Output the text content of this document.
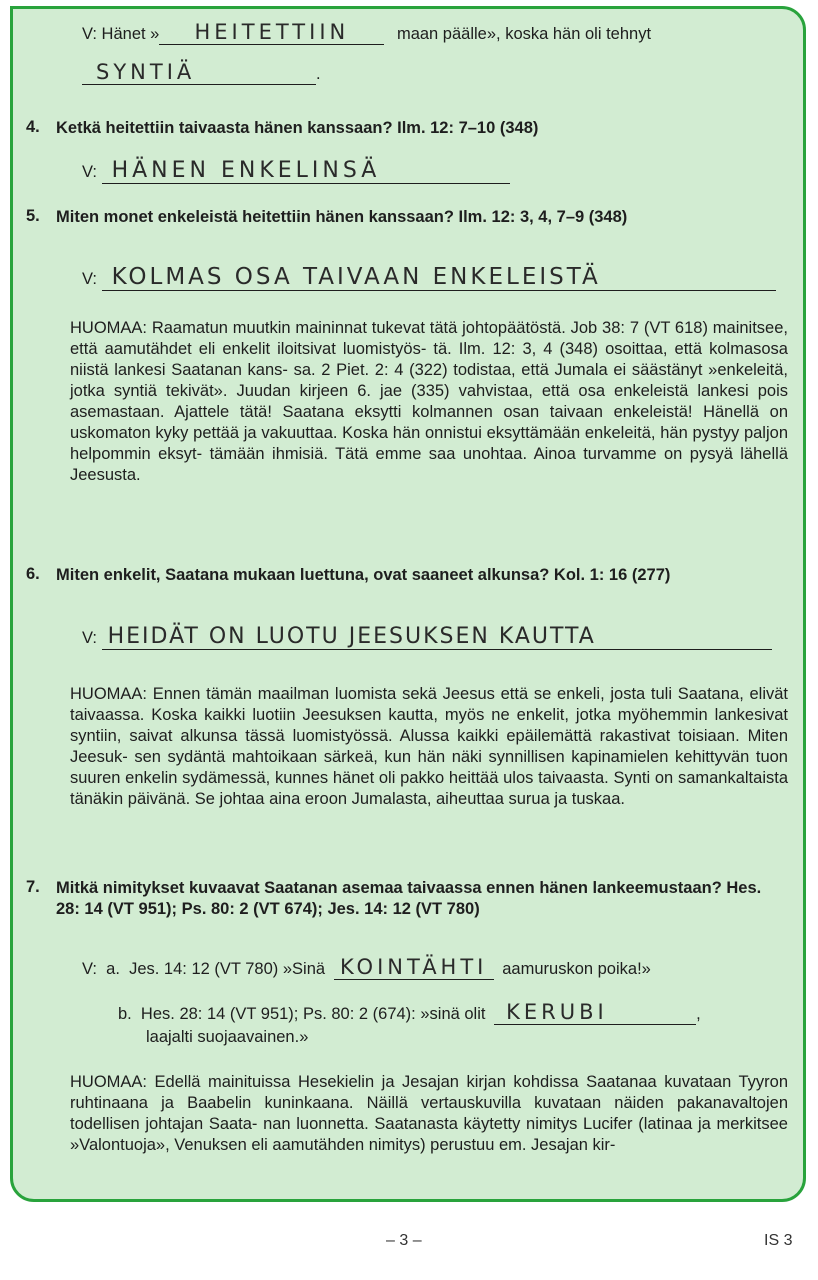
V: Hänet » HEITETTIIN	maan päälle», koska hän oli tehnyt
SYNTIÄ	.
4. Ketkä heitettiin taivaasta hänen kanssaan? Ilm. 12: 7–10 (348)
V: HÄNEN ENKELINSÄ
5. Miten monet enkeleistä heitettiin hänen kanssaan? Ilm. 12: 3, 4, 7–9 (348)
V: KOLMAS OSA TAIVAAN ENKELEISTÄ
HUOMAA: Raamatun muutkin maininnat tukevat tätä johtopäätöstä. Job 38: 7 (VT 618) mainitsee, että aamutähdet eli enkelit iloitsivat luomistyös- tä. Ilm. 12: 3, 4 (348) osoittaa, että kolmasosa niistä lankesi Saatanan kans- sa. 2 Piet. 2: 4 (322) todistaa, että Jumala ei säästänyt »enkeleitä, jotka syntiä tekivät». Juudan kirjeen 6. jae (335) vahvistaa, että osa enkeleistä lankesi pois asemastaan. Ajattele tätä! Saatana eksytti kolmannen osan taivaan enkeleistä! Hänellä on uskomaton kyky pettää ja vakuuttaa. Koska hän onnistui eksyttämään enkeleitä, hän pystyy paljon helpommin eksyt- tämään ihmisiä. Tätä emme saa unohtaa. Ainoa turvamme on pysyä lähellä Jeesusta.
6. Miten enkelit, Saatana mukaan luettuna, ovat saaneet alkunsa? Kol. 1: 16 (277)
V: HEIDÄT ON LUOTU JEESUKSEN KAUTTA
HUOMAA: Ennen tämän maailman luomista sekä Jeesus että se enkeli, josta tuli Saatana, elivät taivaassa. Koska kaikki luotiin Jeesuksen kautta, myös ne enkelit, jotka myöhemmin lankesivat syntiin, saivat alkunsa tässä luomistyössä. Alussa kaikki epäilemättä rakastivat toisiaan. Miten Jeesuk- sen sydäntä mahtoikaan särkeä, kun hän näki synnillisen kapinamielen kehittyvän tuon suuren enkelin sydämessä, kunnes hänet oli pakko heittää ulos taivaasta. Synti on samankaltaista tänäkin päivänä. Se johtaa aina eroon Jumalasta, aiheuttaa surua ja tuskaa.
7. Mitkä nimitykset kuvaavat Saatanan asemaa taivaassa ennen hänen lankeemustaan? Hes. 28: 14 (VT 951); Ps. 80: 2 (VT 674); Jes. 14: 12 (VT 780)
V:  a.  Jes. 14: 12 (VT 780) »Sinä KOINTÄHTI aamuruskon poika!»
b.  Hes. 28: 14 (VT 951); Ps. 80: 2 (674): »sinä olit KERUBI	,
laajalti suojaavainen.»
HUOMAA: Edellä mainituissa Hesekielin ja Jesajan kirjan kohdissa Saatanaa kuvataan Tyyron ruhtinaana ja Baabelin kuninkaana. Näillä vertauskuvilla kuvataan näiden pakanavaltojen todellisen johtajan Saata- nan luonnetta. Saatanasta käytetty nimitys Lucifer (latinaa ja merkitsee »Valontuoja», Venuksen eli aamutähden nimitys) perustuu em. Jesajan kir-
– 3 –	IS 3
